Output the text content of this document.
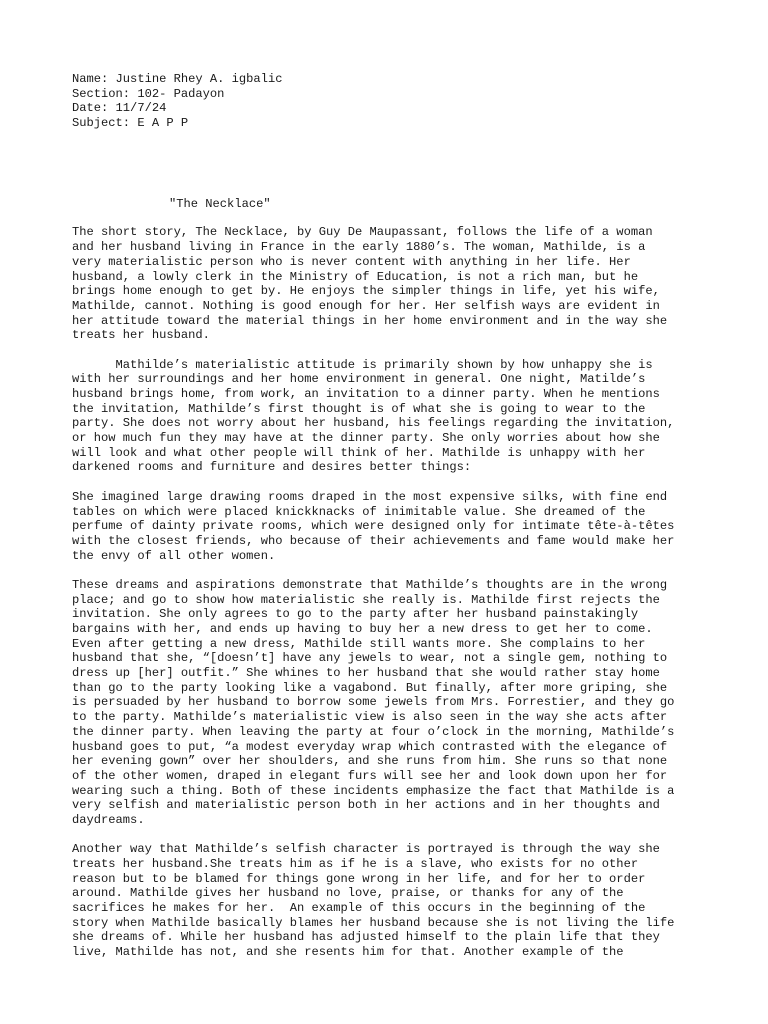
Name: Justine Rhey A. igbalic
Section: 102- Padayon
Date: 11/7/24
Subject: E A P P
"The Necklace"
The short story, The Necklace, by Guy De Maupassant, follows the life of a woman
and her husband living in France in the early 1880’s. The woman, Mathilde, is a
very materialistic person who is never content with anything in her life. Her
husband, a lowly clerk in the Ministry of Education, is not a rich man, but he
brings home enough to get by. He enjoys the simpler things in life, yet his wife,
Mathilde, cannot. Nothing is good enough for her. Her selfish ways are evident in
her attitude toward the material things in her home environment and in the way she
treats her husband.
Mathilde’s materialistic attitude is primarily shown by how unhappy she is
with her surroundings and her home environment in general. One night, Matilde’s
husband brings home, from work, an invitation to a dinner party. When he mentions
the invitation, Mathilde’s first thought is of what she is going to wear to the
party. She does not worry about her husband, his feelings regarding the invitation,
or how much fun they may have at the dinner party. She only worries about how she
will look and what other people will think of her. Mathilde is unhappy with her
darkened rooms and furniture and desires better things:
She imagined large drawing rooms draped in the most expensive silks, with fine end
tables on which were placed knickknacks of inimitable value. She dreamed of the
perfume of dainty private rooms, which were designed only for intimate tête-à-têtes
with the closest friends, who because of their achievements and fame would make her
the envy of all other women.
These dreams and aspirations demonstrate that Mathilde’s thoughts are in the wrong
place; and go to show how materialistic she really is. Mathilde first rejects the
invitation. She only agrees to go to the party after her husband painstakingly
bargains with her, and ends up having to buy her a new dress to get her to come.
Even after getting a new dress, Mathilde still wants more. She complains to her
husband that she, “[doesn’t] have any jewels to wear, not a single gem, nothing to
dress up [her] outfit.” She whines to her husband that she would rather stay home
than go to the party looking like a vagabond. But finally, after more griping, she
is persuaded by her husband to borrow some jewels from Mrs. Forrestier, and they go
to the party. Mathilde’s materialistic view is also seen in the way she acts after
the dinner party. When leaving the party at four o’clock in the morning, Mathilde’s
husband goes to put, “a modest everyday wrap which contrasted with the elegance of
her evening gown” over her shoulders, and she runs from him. She runs so that none
of the other women, draped in elegant furs will see her and look down upon her for
wearing such a thing. Both of these incidents emphasize the fact that Mathilde is a
very selfish and materialistic person both in her actions and in her thoughts and
daydreams.
Another way that Mathilde’s selfish character is portrayed is through the way she
treats her husband.She treats him as if he is a slave, who exists for no other
reason but to be blamed for things gone wrong in her life, and for her to order
around. Mathilde gives her husband no love, praise, or thanks for any of the
sacrifices he makes for her.  An example of this occurs in the beginning of the
story when Mathilde basically blames her husband because she is not living the life
she dreams of. While her husband has adjusted himself to the plain life that they
live, Mathilde has not, and she resents him for that. Another example of the
